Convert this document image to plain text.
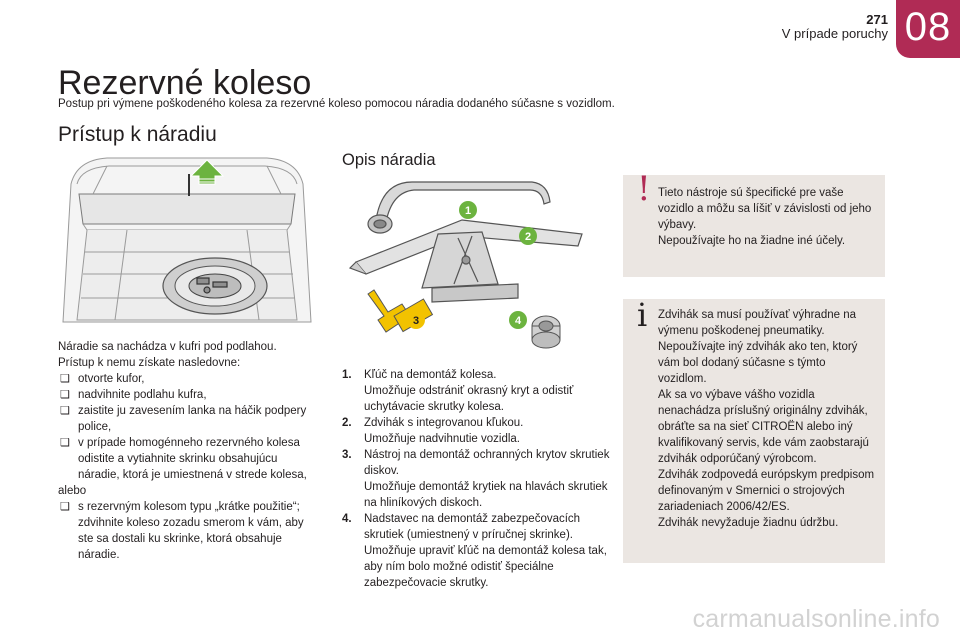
271
V prípade poruchy 08
Rezervné koleso
Postup pri výmene poškodeného kolesa za rezervné koleso pomocou náradia dodaného súčasne s vozidlom.
Prístup k náradiu
Opis náradia
1
2
3	4
Náradie sa nachádza v kufri pod podlahou.
Prístup k nemu získate nasledovne:
❑ otvorte kufor,
❑ nadvihnite podlahu kufra,
❑ zaistite ju zavesením lanka na háčik podpery police,
❑ v prípade homogénneho rezervného kolesa odistite a vytiahnite skrinku obsahujúcu náradie, ktorá je umiestnená v strede kolesa,
alebo
❑ s rezervným kolesom typu „krátke použitie“; zdvihnite koleso zozadu smerom k vám, aby ste sa dostali ku skrinke, ktorá obsahuje náradie.
1. Kľúč na demontáž kolesa.
Umožňuje odstrániť okrasný kryt a odistiť uchytávacie skrutky kolesa.
2. Zdvihák s integrovanou kľukou.
Umožňuje nadvihnutie vozidla.
3. Nástroj na demontáž ochranných krytov skrutiek diskov.
Umožňuje demontáž krytiek na hlavách skrutiek na hliníkových diskoch.
4. Nadstavec na demontáž zabezpečovacích skrutiek (umiestnený v príručnej skrinke).
Umožňuje upraviť kľúč na demontáž kolesa tak, aby ním bolo možné odistiť špeciálne zabezpečovacie skrutky.
! Tieto nástroje sú špecifické pre vaše vozidlo a môžu sa líšiť v závislosti od jeho výbavy.
Nepoužívajte ho na žiadne iné účely.
i Zdvihák sa musí používať výhradne na výmenu poškodenej pneumatiky.
Nepoužívajte iný zdvihák ako ten, ktorý vám bol dodaný súčasne s týmto vozidlom.
Ak sa vo výbave vášho vozidla nenachádza príslušný originálny zdvihák, obráťte sa na sieť CITROËN alebo iný kvalifikovaný servis, kde vám zaobstarajú zdvihák odporúčaný výrobcom.
Zdvihák zodpovedá európskym predpisom definovaným v Smernici o strojových zariadeniach 2006/42/ES.
Zdvihák nevyžaduje žiadnu údržbu.
carmanualsonline.info
